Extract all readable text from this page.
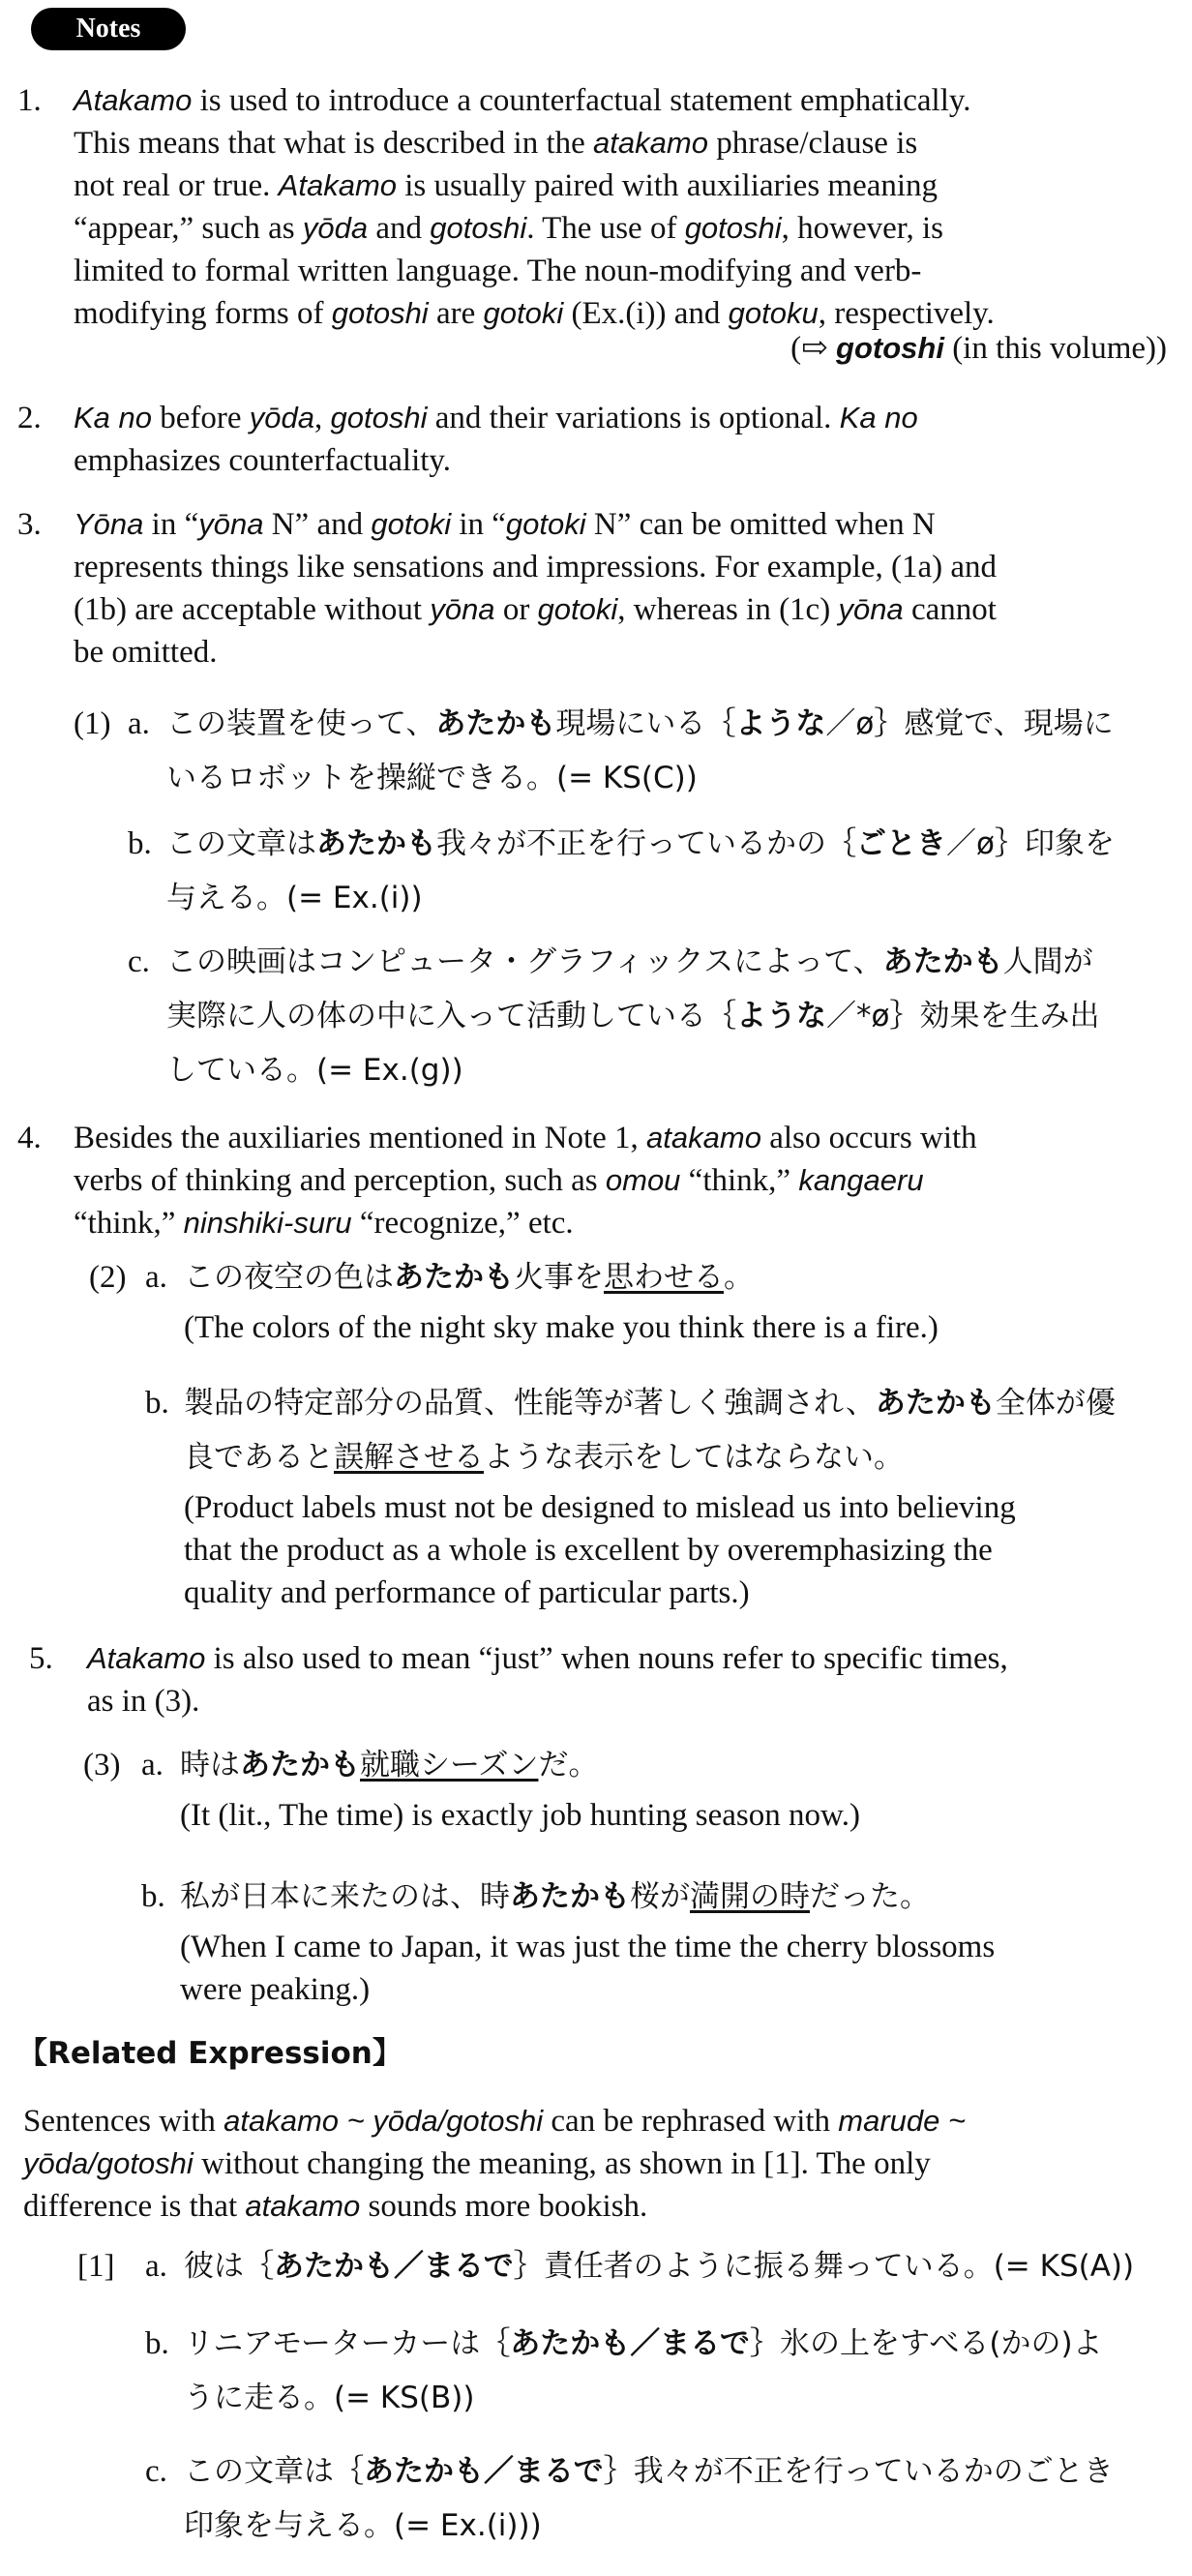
Notes
1. Atakamo is used to introduce a counterfactual statement emphatically.
This means that what is described in the atakamo phrase/clause is
not real or true. Atakamo is usually paired with auxiliaries meaning
“appear,” such as yōda and gotoshi. The use of gotoshi, however, is
limited to formal written language. The noun-modifying and verb-
modifying forms of gotoshi are gotoki (Ex.(i)) and gotoku, respectively.
(⇨ gotoshi (in this volume))
2. Ka no before yōda, gotoshi and their variations is optional. Ka no
emphasizes counterfactuality.
3. Yōna in “yōna N” and gotoki in “gotoki N” can be omitted when N
represents things like sensations and impressions. For example, (1a) and
(1b) are acceptable without yōna or gotoki, whereas in (1c) yōna cannot
be omitted.
(1) a. この装置を使って、あたかも現場にいる｛ような／ø｝感覚で、現場に
いるロボットを操縦できる。(= KS(C))
b. この文章はあたかも我々が不正を行っているかの｛ごとき／ø｝印象を
与える。(= Ex.(i))
c. この映画はコンピュータ・グラフィックスによって、あたかも人間が
実際に人の体の中に入って活動している｛ような／*ø｝効果を生み出
している。(= Ex.(g))
4. Besides the auxiliaries mentioned in Note 1, atakamo also occurs with
verbs of thinking and perception, such as omou “think,” kangaeru
“think,” ninshiki-suru “recognize,” etc.
(2) a. この夜空の色はあたかも火事を思わせる。
(The colors of the night sky make you think there is a fire.)
b. 製品の特定部分の品質、性能等が著しく強調され、あたかも全体が優
良であると誤解させるような表示をしてはならない。
(Product labels must not be designed to mislead us into believing
that the product as a whole is excellent by overemphasizing the
quality and performance of particular parts.)
5. Atakamo is also used to mean “just” when nouns refer to specific times,
as in (3).
(3) a. 時はあたかも就職シーズンだ。
(It (lit., The time) is exactly job hunting season now.)
b. 私が日本に来たのは、時あたかも桜が満開の時だった。
(When I came to Japan, it was just the time the cherry blossoms
were peaking.)
【Related Expression】
Sentences with atakamo ~ yōda/gotoshi can be rephrased with marude ~
yōda/gotoshi without changing the meaning, as shown in [1]. The only
difference is that atakamo sounds more bookish.
[1] a. 彼は｛あたかも／まるで｝責任者のように振る舞っている。(= KS(A))
b. リニアモーターカーは｛あたかも／まるで｝氷の上をすべる(かの)よ
うに走る。(= KS(B))
c. この文章は｛あたかも／まるで｝我々が不正を行っているかのごとき
印象を与える。(= Ex.(i)))
